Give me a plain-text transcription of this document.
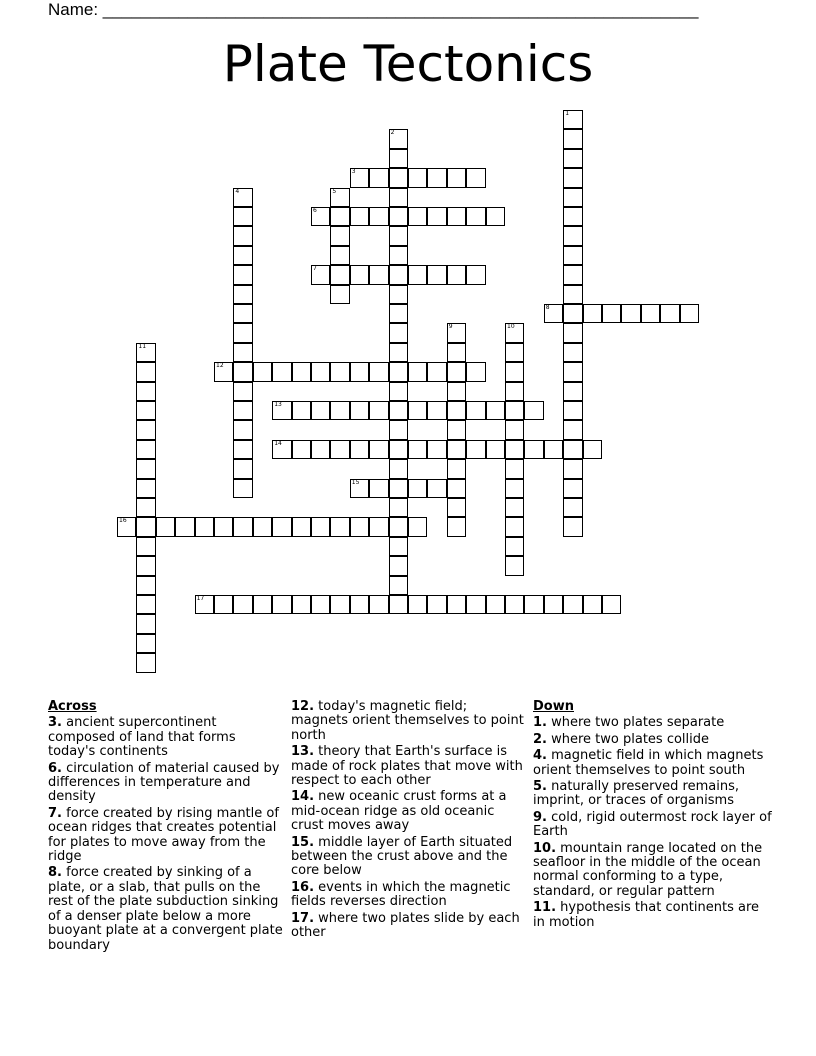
Name: _______________________________________________________________
Plate Tectonics
1
2
3
4	5
6
7
8
9	10
11
12
13
14
15
16
17
Across
3. ancient supercontinent composed of land that forms today's continents
6. circulation of material caused by differences in temperature and density
7. force created by rising mantle of ocean ridges that creates potential for plates to move away from the ridge
8. force created by sinking of a plate, or a slab, that pulls on the rest of the plate subduction sinking of a denser plate below a more buoyant plate at a convergent plate boundary
12. today's magnetic field; magnets orient themselves to point north
13. theory that Earth's surface is made of rock plates that move with respect to each other
14. new oceanic crust forms at a mid-ocean ridge as old oceanic crust moves away
15. middle layer of Earth situated between the crust above and the core below
16. events in which the magnetic fields reverses direction
17. where two plates slide by each other
Down
1. where two plates separate
2. where two plates collide
4. magnetic field in which magnets orient themselves to point south
5. naturally preserved remains, imprint, or traces of organisms
9. cold, rigid outermost rock layer of Earth
10. mountain range located on the seafloor in the middle of the ocean normal conforming to a type, standard, or regular pattern
11. hypothesis that continents are in motion
